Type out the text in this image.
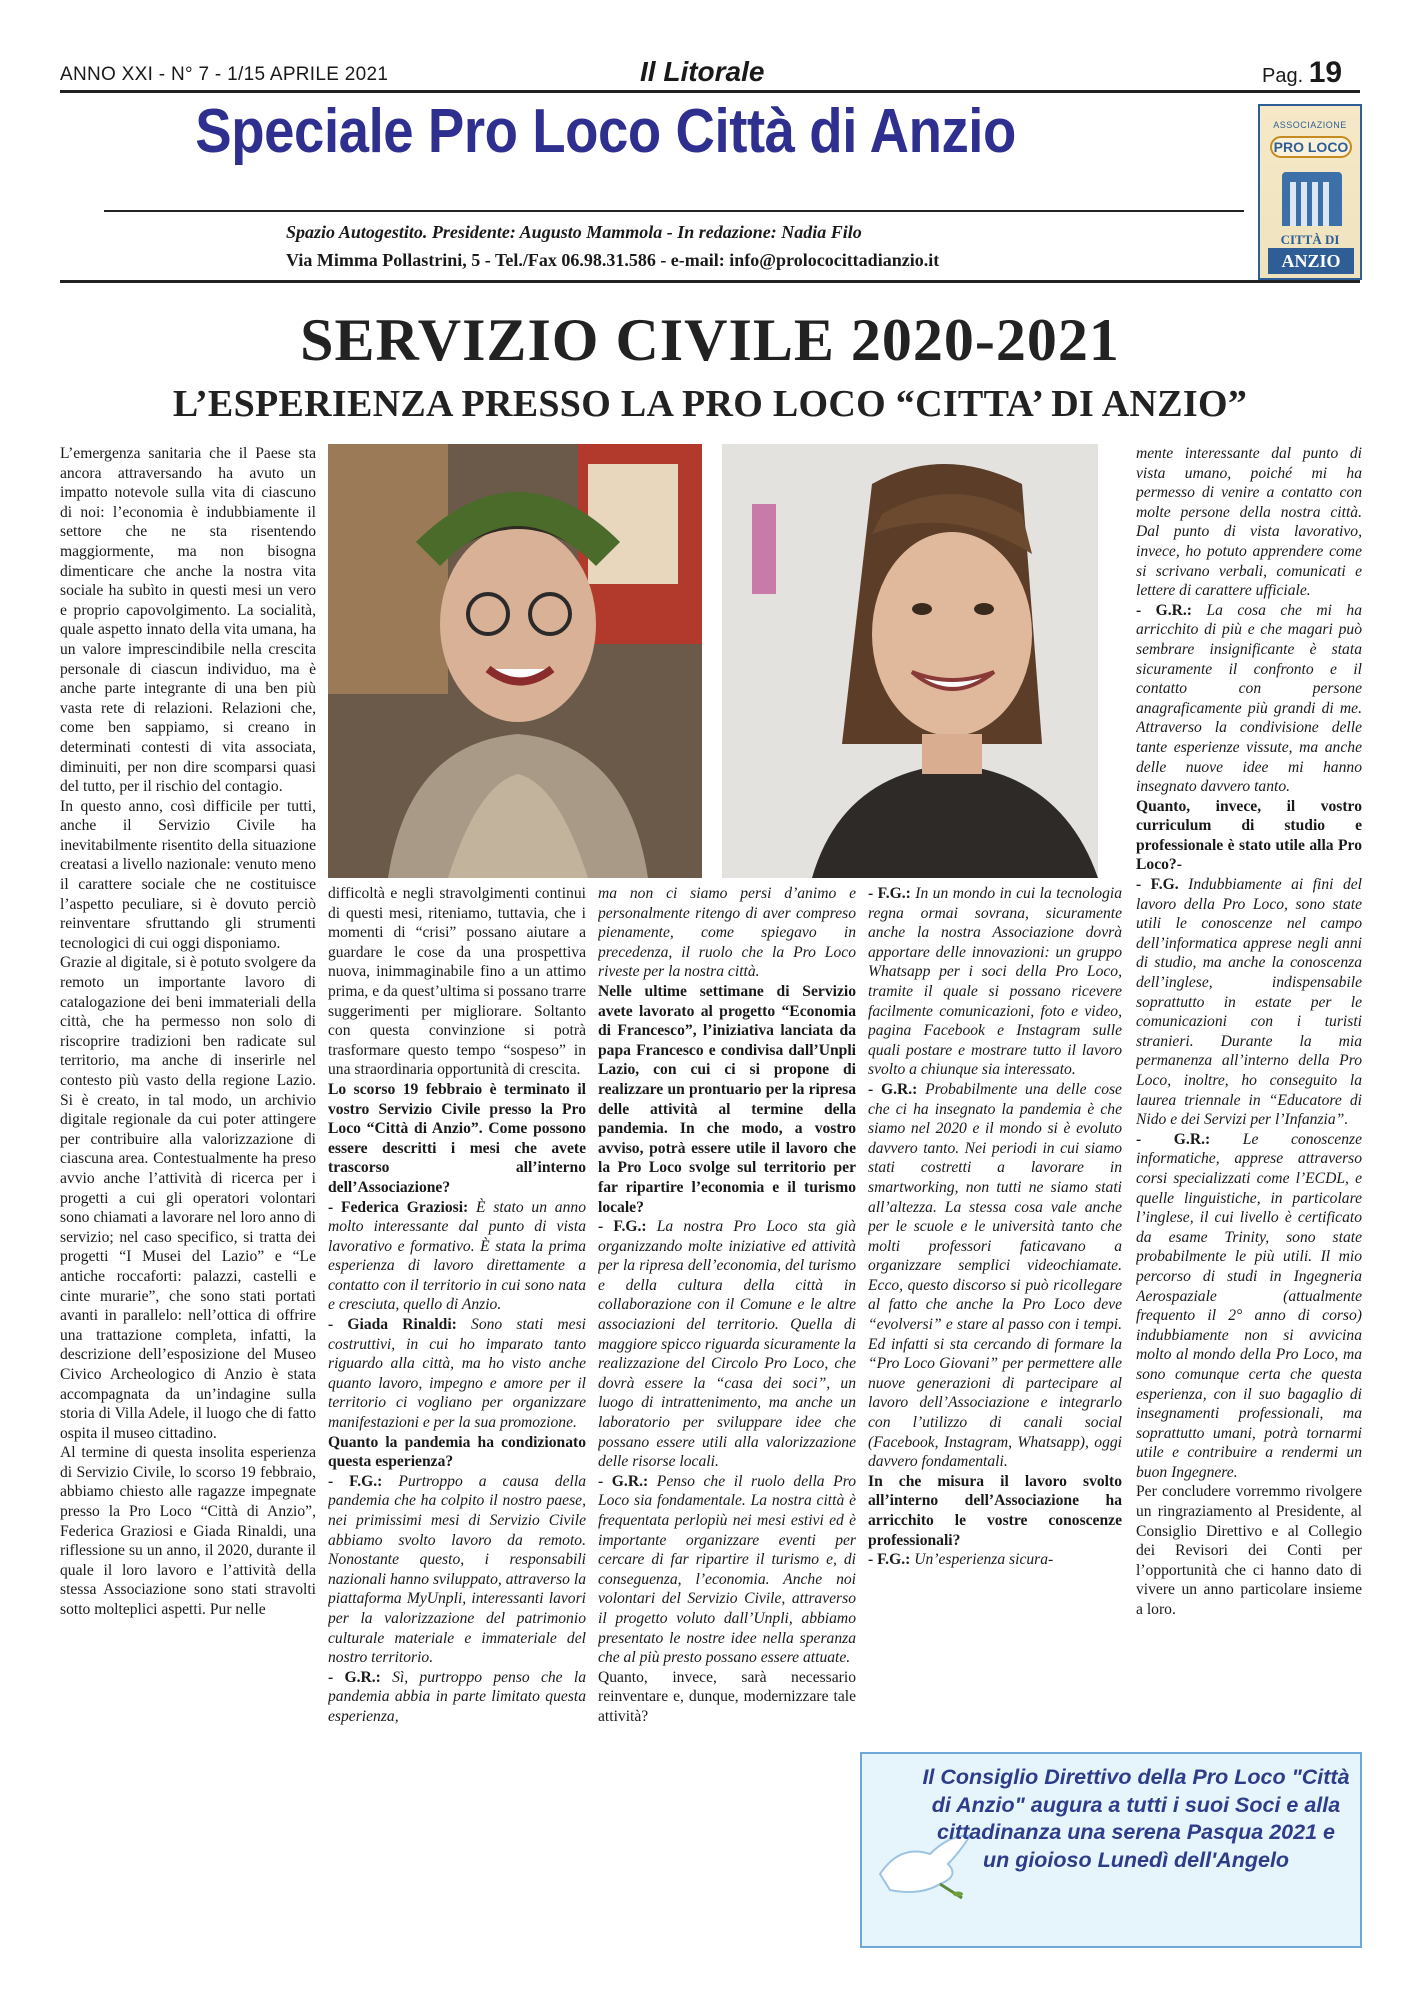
ANNO XXI - N° 7 - 1/15 APRILE 2021	Il Litorale	Pag. 19
Speciale Pro Loco Città di Anzio
Spazio Autogestito. Presidente: Augusto Mammola - In redazione: Nadia Filo
Via Mimma Pollastrini, 5 - Tel./Fax 06.98.31.586 - e-mail: info@prolococittadianzio.it
ASSOCIAZIONE
PRO LOCO
CITTÀ DI
ANZIO
SERVIZIO CIVILE 2020-2021
L’ESPERIENZA PRESSO LA PRO LOCO “CITTA’ DI ANZIO”

L’emergenza sanitaria che il Paese sta ancora attraversando ha avuto un impatto notevole sulla vita di ciascuno di noi: l’economia è indubbiamente il settore che ne sta risentendo maggiormente, ma non bisogna dimenticare che anche la nostra vita sociale ha subìto in questi mesi un vero e proprio capovolgimento. La socialità, quale aspetto innato della vita umana, ha un valore imprescindibile nella crescita personale di ciascun individuo, ma è anche parte integrante di una ben più vasta rete di relazioni. Relazioni che, come ben sappiamo, si creano in determinati contesti di vita associata, diminuiti, per non dire scomparsi quasi del tutto, per il rischio del contagio.

In questo anno, così difficile per tutti, anche il Servizio Civile ha inevitabilmente risentito della situazione creatasi a livello nazionale: venuto meno il carattere sociale che ne costituisce l’aspetto peculiare, si è dovuto perciò reinventare sfruttando gli strumenti tecnologici di cui oggi disponiamo.

Grazie al digitale, si è potuto svolgere da remoto un importante lavoro di catalogazione dei beni immateriali della città, che ha permesso non solo di riscoprire tradizioni ben radicate sul territorio, ma anche di inserirle nel contesto più vasto della regione Lazio. Si è creato, in tal modo, un archivio digitale regionale da cui poter attingere per contribuire alla valorizzazione di ciascuna area. Contestualmente ha preso avvio anche l’attività di ricerca per i progetti a cui gli operatori volontari sono chiamati a lavorare nel loro anno di servizio; nel caso specifico, si tratta dei progetti “I Musei del Lazio” e “Le antiche roccaforti: palazzi, castelli e cinte murarie”, che sono stati portati avanti in parallelo: nell’ottica di offrire una trattazione completa, infatti, la descrizione dell’esposizione del Museo Civico Archeologico di Anzio è stata accompagnata da un’indagine sulla storia di Villa Adele, il luogo che di fatto ospita il museo cittadino.

Al termine di questa insolita esperienza di Servizio Civile, lo scorso 19 febbraio, abbiamo chiesto alle ragazze impegnate presso la Pro Loco “Città di Anzio”, Federica Graziosi e Giada Rinaldi, una riflessione su un anno, il 2020, durante il quale il loro lavoro e l’attività della stessa Associazione sono stati stravolti sotto molteplici aspetti. Pur nelle

difficoltà e negli stravolgimenti continui di questi mesi, riteniamo, tuttavia, che i momenti di “crisi” possano aiutare a guardare le cose da una prospettiva nuova, inimmaginabile fino a un attimo prima, e da quest’ultima si possano trarre suggerimenti per migliorare. Soltanto con questa convinzione si potrà trasformare questo tempo “sospeso” in una straordinaria opportunità di crescita.

Lo scorso 19 febbraio è terminato il vostro Servizio Civile presso la Pro Loco “Città di Anzio”. Come possono essere descritti i mesi che avete trascorso all’interno dell’Associazione?

- Federica Graziosi: È stato un anno molto interessante dal punto di vista lavorativo e formativo. È stata la prima esperienza di lavoro direttamente a contatto con il territorio in cui sono nata e cresciuta, quello di Anzio.

- Giada Rinaldi: Sono stati mesi costruttivi, in cui ho imparato tanto riguardo alla città, ma ho visto anche quanto lavoro, impegno e amore per il territorio ci vogliano per organizzare manifestazioni e per la sua promozione.

Quanto la pandemia ha condizionato questa esperienza?

- F.G.: Purtroppo a causa della pandemia che ha colpito il nostro paese, nei primissimi mesi di Servizio Civile abbiamo svolto lavoro da remoto. Nonostante questo, i responsabili nazionali hanno sviluppato, attraverso la piattaforma MyUnpli, interessanti lavori per la valorizzazione del patrimonio culturale materiale e immateriale del nostro territorio.

- G.R.: Sì, purtroppo penso che la pandemia abbia in parte limitato questa esperienza,

ma non ci siamo persi d’animo e personalmente ritengo di aver compreso pienamente, come spiegavo in precedenza, il ruolo che la Pro Loco riveste per la nostra città.

Nelle ultime settimane di Servizio avete lavorato al progetto “Economia di Francesco”, l’iniziativa lanciata da papa Francesco e condivisa dall’Unpli Lazio, con cui ci si propone di realizzare un prontuario per la ripresa delle attività al termine della pandemia. In che modo, a vostro avviso, potrà essere utile il lavoro che la Pro Loco svolge sul territorio per far ripartire l’economia e il turismo locale?

- F.G.: La nostra Pro Loco sta già organizzando molte iniziative ed attività per la ripresa dell’economia, del turismo e della cultura della città in collaborazione con il Comune e le altre associazioni del territorio. Quella di maggiore spicco riguarda sicuramente la realizzazione del Circolo Pro Loco, che dovrà essere la “casa dei soci”, un luogo di intrattenimento, ma anche un laboratorio per sviluppare idee che possano essere utili alla valorizzazione delle risorse locali.

- G.R.: Penso che il ruolo della Pro Loco sia fondamentale. La nostra città è frequentata perlopiù nei mesi estivi ed è importante organizzare eventi per cercare di far ripartire il turismo e, di conseguenza, l’economia. Anche noi volontari del Servizio Civile, attraverso il progetto voluto dall’Unpli, abbiamo presentato le nostre idee nella speranza che al più presto possano essere attuate.

Quanto, invece, sarà necessario reinventare e, dunque, modernizzare tale attività?

- F.G.: In un mondo in cui la tecnologia regna ormai sovrana, sicuramente anche la nostra Associazione dovrà apportare delle innovazioni: un gruppo Whatsapp per i soci della Pro Loco, tramite il quale si possano ricevere facilmente comunicazioni, foto e video, pagina Facebook e Instagram sulle quali postare e mostrare tutto il lavoro svolto a chiunque sia interessato.

- G.R.: Probabilmente una delle cose che ci ha insegnato la pandemia è che siamo nel 2020 e il mondo si è evoluto davvero tanto. Nei periodi in cui siamo stati costretti a lavorare in smartworking, non tutti ne siamo stati all’altezza. La stessa cosa vale anche per le scuole e le università tanto che molti professori faticavano a organizzare semplici videochiamate. Ecco, questo discorso si può ricollegare al fatto che anche la Pro Loco deve “evolversi” e stare al passo con i tempi. Ed infatti si sta cercando di formare la “Pro Loco Giovani” per permettere alle nuove generazioni di partecipare al lavoro dell’Associazione e integrarlo con l’utilizzo di canali social (Facebook, Instagram, Whatsapp), oggi davvero fondamentali.

In che misura il lavoro svolto all’interno dell’Associazione ha arricchito le vostre conoscenze professionali?

- F.G.: Un’esperienza sicura-

mente interessante dal punto di vista umano, poiché mi ha permesso di venire a contatto con molte persone della nostra città. Dal punto di vista lavorativo, invece, ho potuto apprendere come si scrivano verbali, comunicati e lettere di carattere ufficiale.

- G.R.: La cosa che mi ha arricchito di più e che magari può sembrare insignificante è stata sicuramente il confronto e il contatto con persone anagraficamente più grandi di me. Attraverso la condivisione delle tante esperienze vissute, ma anche delle nuove idee mi hanno insegnato davvero tanto.

Quanto, invece, il vostro curriculum di studio e professionale è stato utile alla Pro Loco?-

- F.G. Indubbiamente ai fini del lavoro della Pro Loco, sono state utili le conoscenze nel campo dell’informatica apprese negli anni di studio, ma anche la conoscenza dell’inglese, indispensabile soprattutto in estate per le comunicazioni con i turisti stranieri. Durante la mia permanenza all’interno della Pro Loco, inoltre, ho conseguito la laurea triennale in “Educatore di Nido e dei Servizi per l’Infanzia”.

- G.R.: Le conoscenze informatiche, apprese attraverso corsi specializzati come l’ECDL, e quelle linguistiche, in particolare l’inglese, il cui livello è certificato da esame Trinity, sono state probabilmente le più utili. Il mio percorso di studi in Ingegneria Aerospaziale (attualmente frequento il 2° anno di corso) indubbiamente non si avvicina molto al mondo della Pro Loco, ma sono comunque certa che questa esperienza, con il suo bagaglio di insegnamenti professionali, ma soprattutto umani, potrà tornarmi utile e contribuire a rendermi un buon Ingegnere.

Per concludere vorremmo rivolgere un ringraziamento al Presidente, al Consiglio Direttivo e al Collegio dei Revisori dei Conti per l’opportunità che ci hanno dato di vivere un anno particolare insieme a loro.

Il Consiglio Direttivo della Pro Loco "Città di Anzio" augura a tutti i suoi Soci e alla cittadinanza una serena Pasqua 2021 e un gioioso Lunedì dell'Angelo
